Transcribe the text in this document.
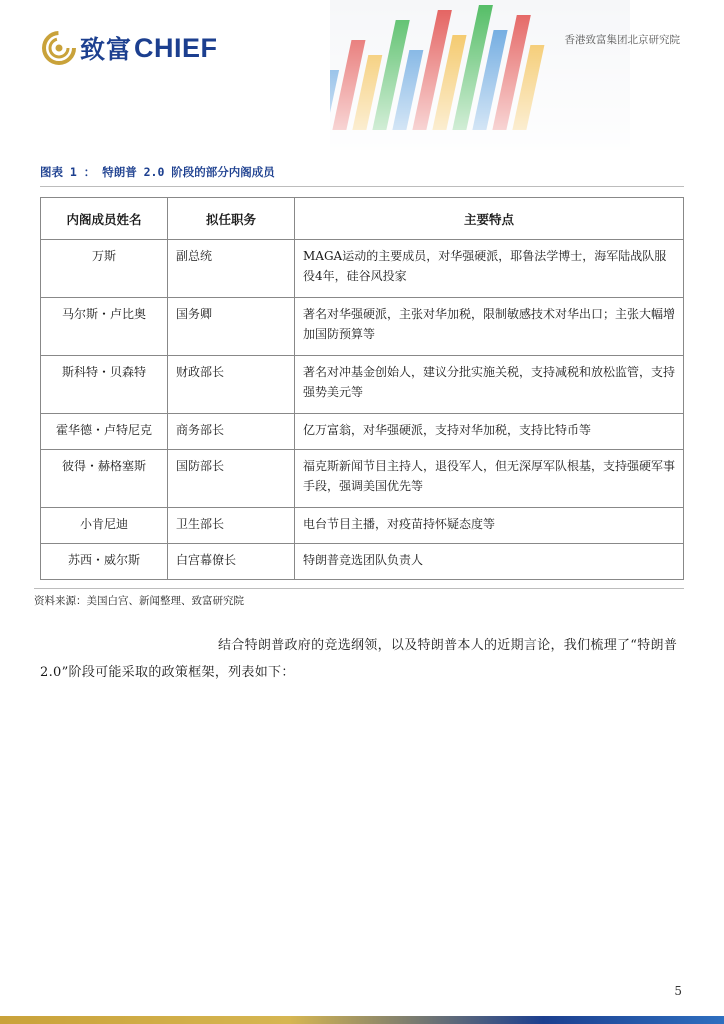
致富 CHIEF	香港致富集团北京研究院
图表 1 ： 特朗普 2.0 阶段的部分内阁成员
内阁成员姓名	拟任职务	主要特点
万斯	副总统	MAGA运动的主要成员，对华强硬派，耶鲁法学博士，海军陆战队服役4年，硅谷风投家
马尔斯・卢比奥	国务卿	著名对华强硬派，主张对华加税，限制敏感技术对华出口；主张大幅增加国防预算等
斯科特・贝森特	财政部长	著名对冲基金创始人，建议分批实施关税，支持减税和放松监管，支持强势美元等
霍华德・卢特尼克	商务部长	亿万富翁，对华强硬派，支持对华加税，支持比特币等
彼得・赫格塞斯	国防部长	福克斯新闻节目主持人，退役军人，但无深厚军队根基，支持强硬军事手段，强调美国优先等
小肯尼迪	卫生部长	电台节目主播，对疫苗持怀疑态度等
苏西・威尔斯	白宫幕僚长	特朗普竞选团队负责人
资料来源：美国白宫、新闻整理、致富研究院
结合特朗普政府的竞选纲领，以及特朗普本人的近期言论，我们梳理了“特朗普 2.0”阶段可能采取的政策框架，列表如下：
5
